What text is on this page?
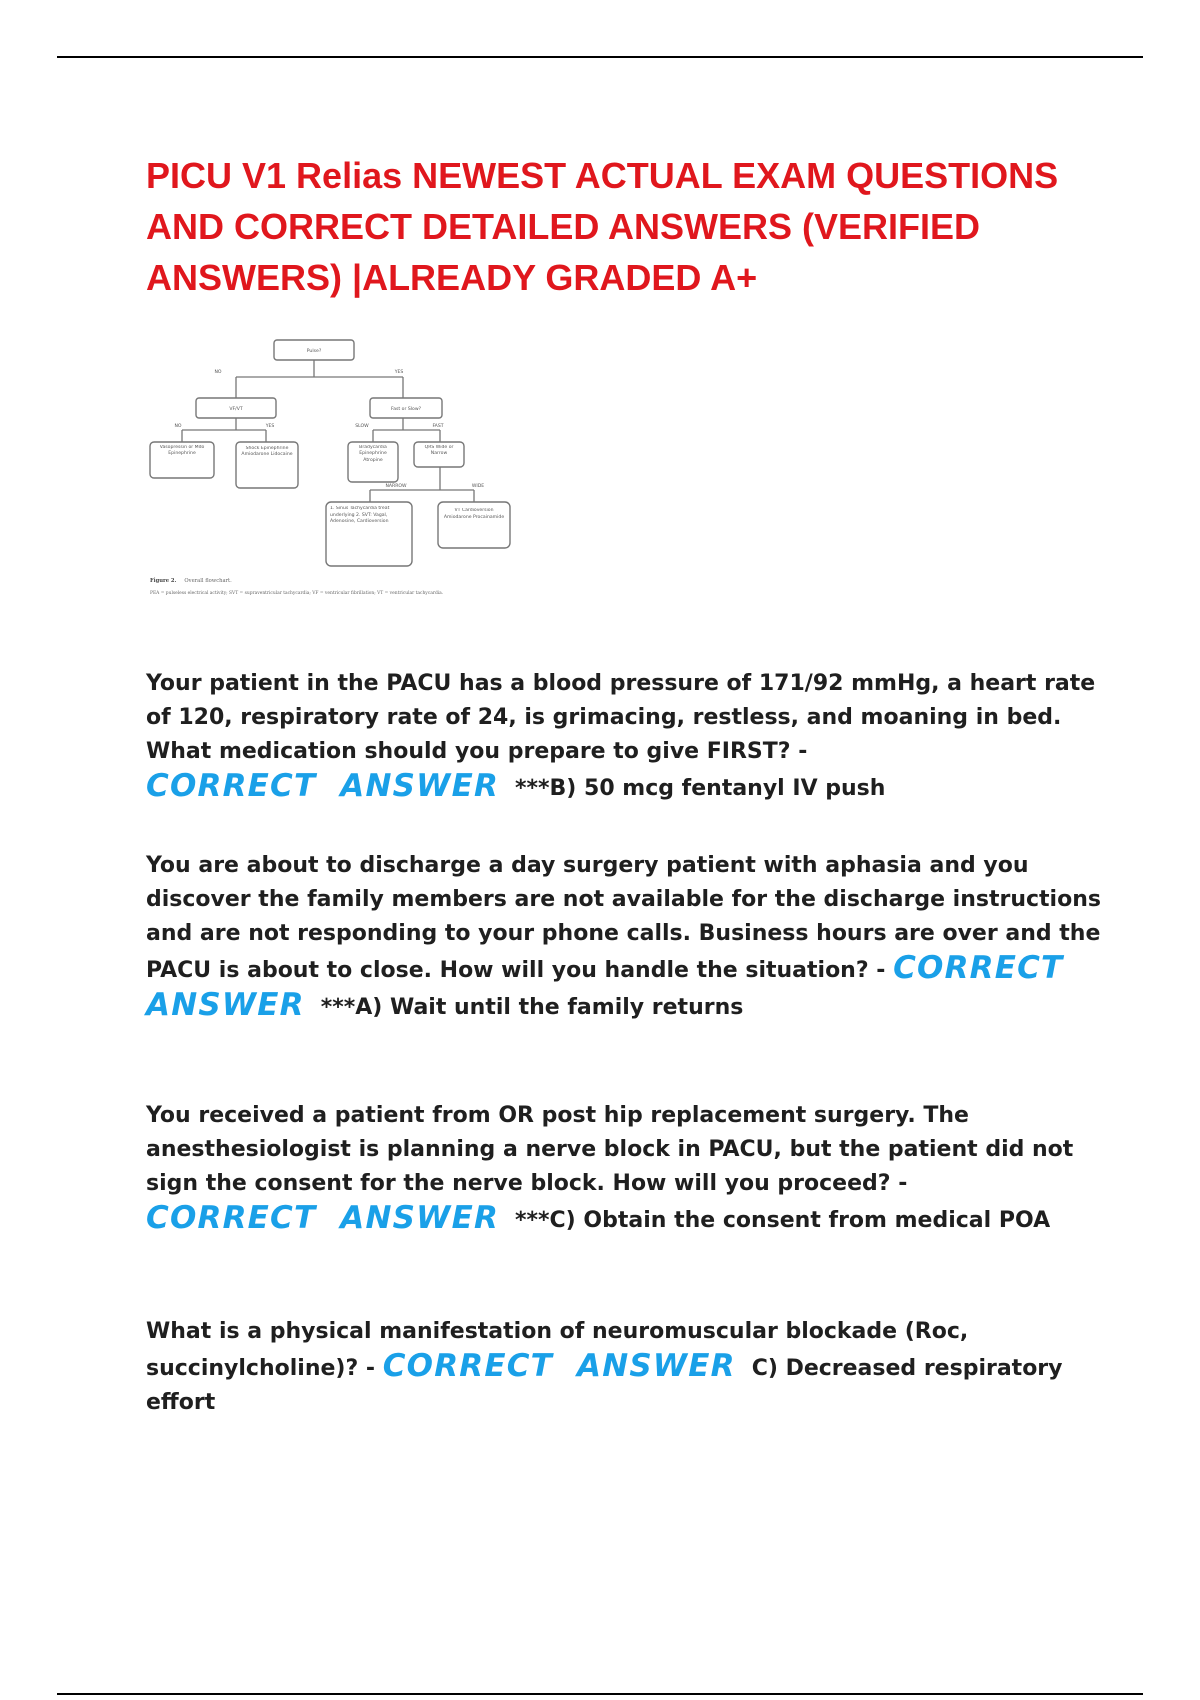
PICU V1 Relias NEWEST ACTUAL EXAM QUESTIONS AND CORRECT DETAILED ANSWERS (VERIFIED ANSWERS) |ALREADY GRADED A+
Pulse?
NO	YES
VF/VT	Fast or Slow?
NO	YES	SLOW	FAST
NARROW	WIDE
Vasopressin or Mdo Epinephrine
Shock Epinephrine Amiodarone Lidocaine
Bradycardia Epinephrine Atropine
QRS Wide or Narrow
1. Sinus Tachycardia treat underlying 2. SVT: Vagal, Adenosine, Cardioversion
VT Cardioversion Amiodarone Procainamide
Figure 2. Overall flowchart.
PEA = pulseless electrical activity; SVT = supraventricular tachycardia; VF = ventricular fibrillation; VT = ventricular tachycardia.

Your patient in the PACU has a blood pressure of 171/92 mmHg, a heart rate of 120, respiratory rate of 24, is grimacing, restless, and moaning in bed. What medication should you prepare to give FIRST? -
CORRECT ANSWER ***B) 50 mcg fentanyl IV push

You are about to discharge a day surgery patient with aphasia and you discover the family members are not available for the discharge instructions and are not responding to your phone calls. Business hours are over and the PACU is about to close. How will you handle the situation? - CORRECT ANSWER ***A) Wait until the family returns

You received a patient from OR post hip replacement surgery. The anesthesiologist is planning a nerve block in PACU, but the patient did not sign the consent for the nerve block. How will you proceed? -
CORRECT ANSWER ***C) Obtain the consent from medical POA

What is a physical manifestation of neuromuscular blockade (Roc, succinylcholine)? - CORRECT ANSWER C) Decreased respiratory effort
